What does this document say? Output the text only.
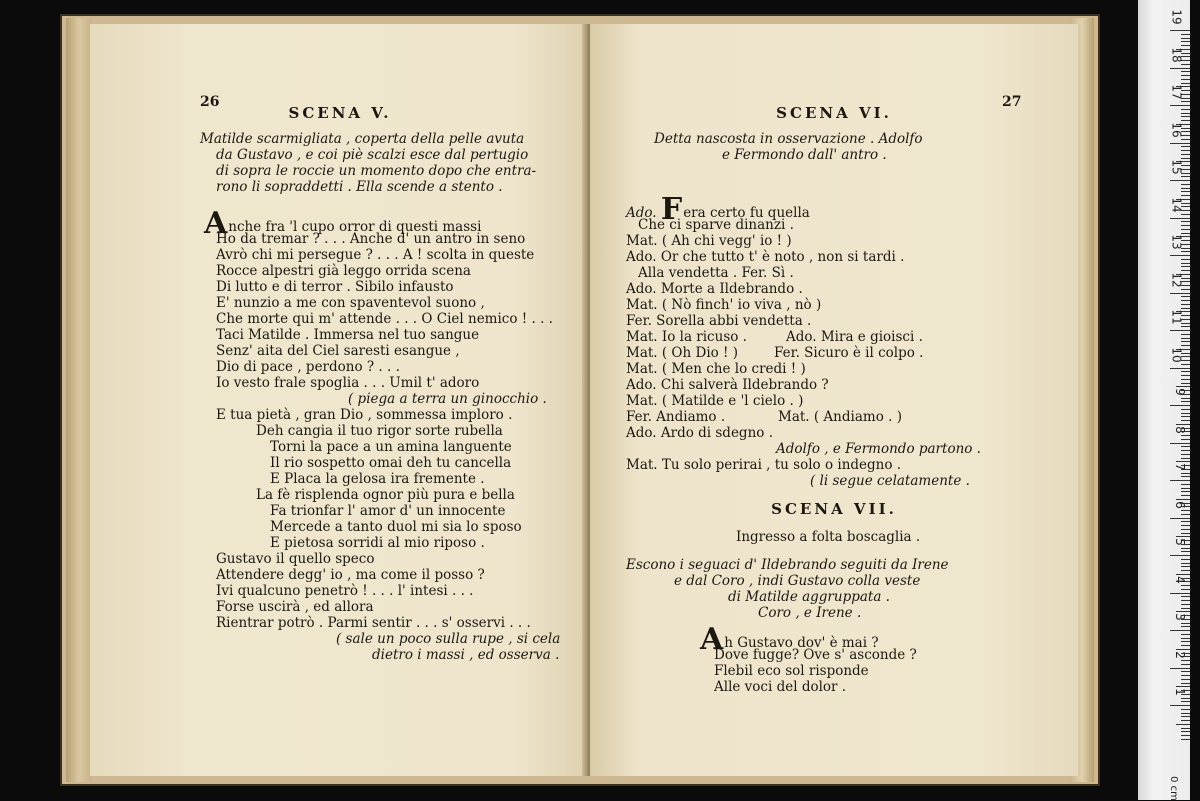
26
SCENA V.
Matilde scarmigliata , coperta della pelle avuta
da Gustavo , e coi piè scalzi esce dal pertugio
di sopra le roccie un momento dopo che entra-
rono li sopraddetti . Ella scende a stento .
Anche fra 'l cupo orror di questi massi
Ho da tremar ? . . . Anche d' un antro in seno
Avrò chi mi persegue ? . . . A ! scolta in queste
Rocce alpestri già leggo orrida scena
Di lutto e di terror . Sibilo infausto
E' nunzio a me con spaventevol suono ,
Che morte qui m' attende . . . O Ciel nemico ! . . .
Taci Matilde . Immersa nel tuo sangue
Senz' aita del Ciel saresti esangue ,
Dio di pace , perdono ? . . .
Io vesto frale spoglia . . . Umil t' adoro
( piega a terra un ginocchio .
E tua pietà , gran Dio , sommessa imploro .
Deh cangia il tuo rigor sorte rubella
Torni la pace a un amina languente
Il rio sospetto omai deh tu cancella
E Placa la gelosa ira fremente .
La fè risplenda ognor più pura e bella
Fa trionfar l' amor d' un innocente
Mercede a tanto duol mi sia lo sposo
E pietosa sorridi al mio riposo .
Gustavo il quello speco
Attendere degg' io , ma come il posso ?
Ivi qualcuno penetrò ! . . . l' intesi . . .
Forse uscirà , ed allora
Rientrar potrò . Parmi sentir . . . s' osservi . . .
( sale un poco sulla rupe , si cela
dietro i massi , ed osserva .
27
SCENA VI.
Detta nascosta in osservazione . Adolfo
e Fermondo dall' antro .
Ado. Fera certo fu quella
Che ci sparve dinanzi .
Mat. ( Ah chi vegg' io ! )
Ado. Or che tutto t' è noto , non si tardi .
Alla vendetta . Fer. Sì .
Ado. Morte a Ildebrando .
Mat. ( Nò finch' io viva , nò )
Fer. Sorella abbi vendetta .
Mat. Io la ricuso .	Ado. Mira e gioisci .
Mat. ( Oh Dio ! )	Fer. Sicuro è il colpo .
Mat. ( Men che lo credi ! )
Ado. Chi salverà Ildebrando ?
Mat. ( Matilde e 'l cielo . )
Fer. Andiamo .	Mat. ( Andiamo . )
Ado. Ardo di sdegno .
Adolfo , e Fermondo partono .
Mat. Tu solo perirai , tu solo o indegno .
( li segue celatamente .
SCENA VII.
Ingresso a folta boscaglia .
Escono i seguaci d' Ildebrando seguiti da Irene
e dal Coro , indi Gustavo colla veste
di Matilde aggruppata .
Coro , e Irene .
Ah Gustavo dov' è mai ?
Dove fugge? Ove s' asconde ?
Flebil eco sol risponde
Alle voci del dolor .
19
18
17
16
15
14
13
12
11
10
9
8
7
6
5
4
3
2
1
0 cm
